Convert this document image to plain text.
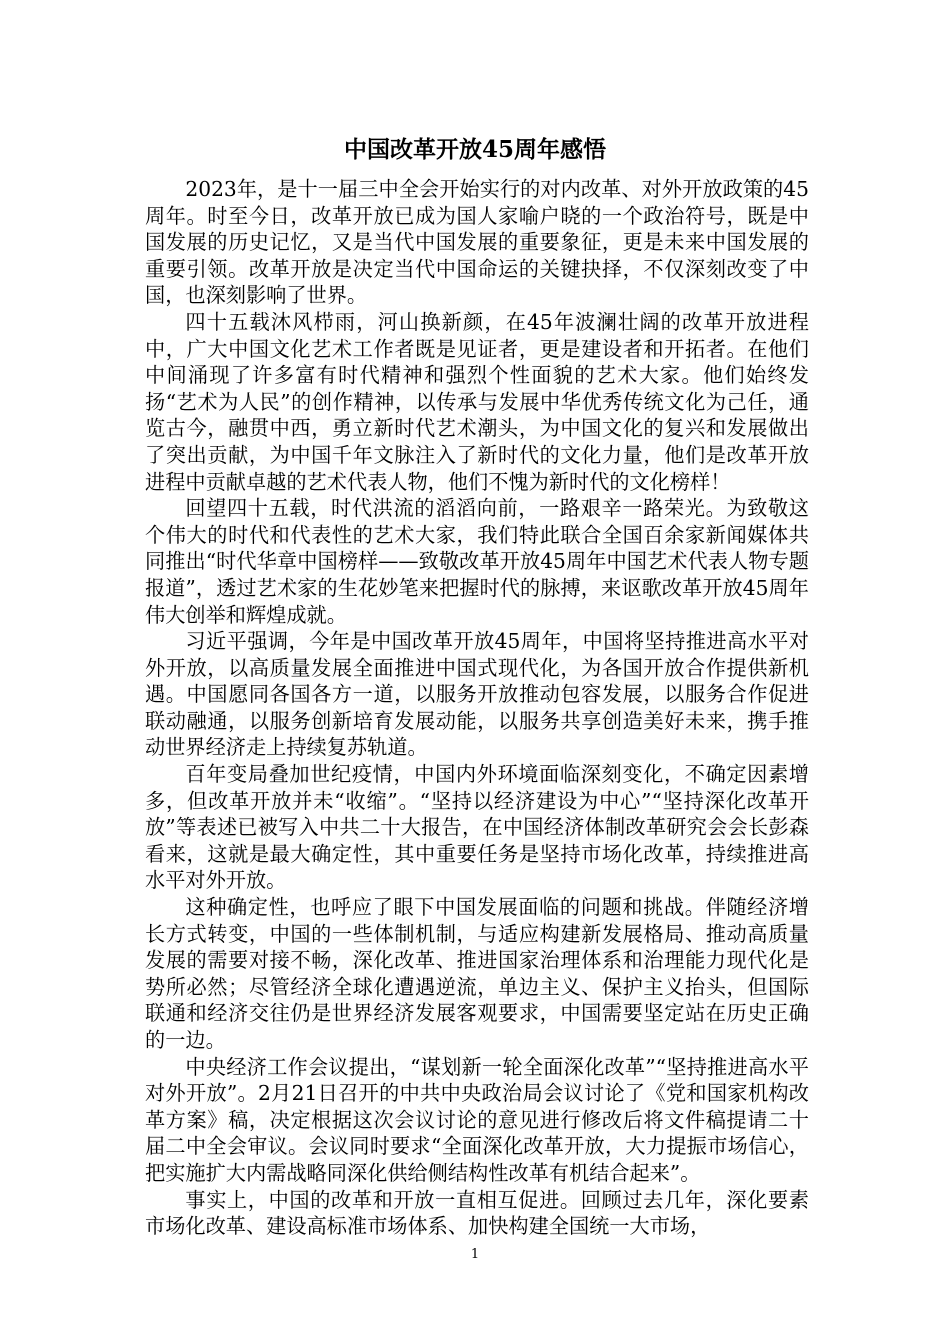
中国改革开放45周年感悟

2023年，是十一届三中全会开始实行的对内改革、对外开放政策的45周年。时至今日，改革开放已成为国人家喻户晓的一个政治符号，既是中国发展的历史记忆，又是当代中国发展的重要象征，更是未来中国发展的重要引领。改革开放是决定当代中国命运的关键抉择，不仅深刻改变了中国，也深刻影响了世界。

四十五载沐风栉雨，河山换新颜，在45年波澜壮阔的改革开放进程中，广大中国文化艺术工作者既是见证者，更是建设者和开拓者。在他们中间涌现了许多富有时代精神和强烈个性面貌的艺术大家。他们始终发扬“艺术为人民”的创作精神，以传承与发展中华优秀传统文化为己任，通览古今，融贯中西，勇立新时代艺术潮头，为中国文化的复兴和发展做出了突出贡献，为中国千年文脉注入了新时代的文化力量，他们是改革开放进程中贡献卓越的艺术代表人物，他们不愧为新时代的文化榜样！

回望四十五载，时代洪流的滔滔向前，一路艰辛一路荣光。为致敬这个伟大的时代和代表性的艺术大家，我们特此联合全国百余家新闻媒体共同推出“时代华章中国榜样——致敬改革开放45周年中国艺术代表人物专题报道”，透过艺术家的生花妙笔来把握时代的脉搏，来讴歌改革开放45周年伟大创举和辉煌成就。

习近平强调，今年是中国改革开放45周年，中国将坚持推进高水平对外开放，以高质量发展全面推进中国式现代化，为各国开放合作提供新机遇。中国愿同各国各方一道，以服务开放推动包容发展，以服务合作促进联动融通，以服务创新培育发展动能，以服务共享创造美好未来，携手推动世界经济走上持续复苏轨道。

百年变局叠加世纪疫情，中国内外环境面临深刻变化，不确定因素增多，但改革开放并未“收缩”。“坚持以经济建设为中心”“坚持深化改革开放”等表述已被写入中共二十大报告，在中国经济体制改革研究会会长彭森看来，这就是最大确定性，其中重要任务是坚持市场化改革，持续推进高水平对外开放。

这种确定性，也呼应了眼下中国发展面临的问题和挑战。伴随经济增长方式转变，中国的一些体制机制，与适应构建新发展格局、推动高质量发展的需要对接不畅，深化改革、推进国家治理体系和治理能力现代化是势所必然；尽管经济全球化遭遇逆流，单边主义、保护主义抬头，但国际联通和经济交往仍是世界经济发展客观要求，中国需要坚定站在历史正确的一边。

中央经济工作会议提出，“谋划新一轮全面深化改革”“坚持推进高水平对外开放”。2月21日召开的中共中央政治局会议讨论了《党和国家机构改革方案》稿，决定根据这次会议讨论的意见进行修改后将文件稿提请二十届二中全会审议。会议同时要求“全面深化改革开放，大力提振市场信心，把实施扩大内需战略同深化供给侧结构性改革有机结合起来”。

事实上，中国的改革和开放一直相互促进。回顾过去几年，深化要素市场化改革、建设高标准市场体系、加快构建全国统一大市场，

1
